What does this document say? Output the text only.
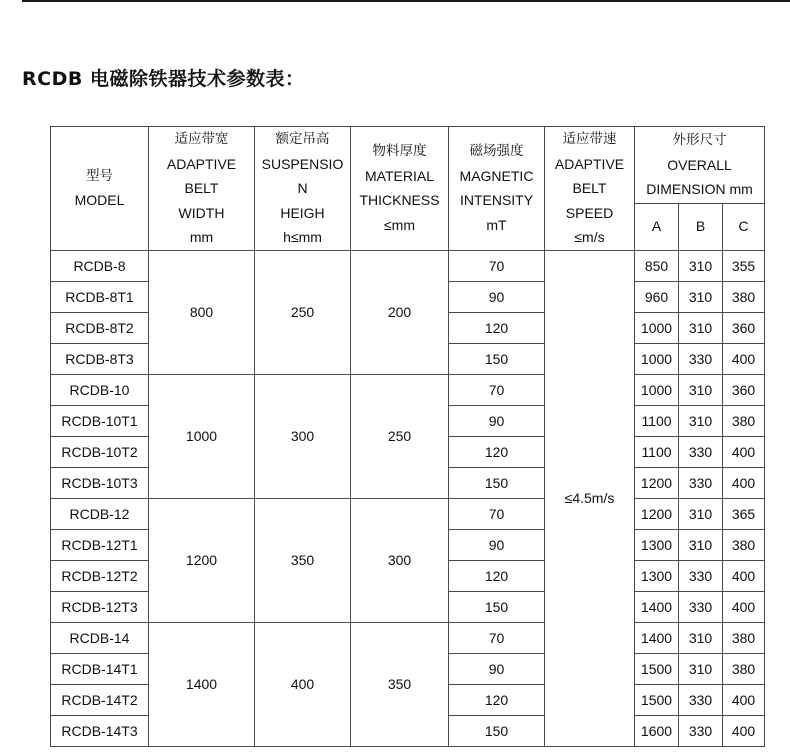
RCDB 电磁除铁器技术参数表：
型号
MODEL	适应带宽
ADAPTIVE
BELT
WIDTH
mm	额定吊高
SUSPENSIO
N
HEIGH
h≤mm	物料厚度
MATERIAL
THICKNESS
≤mm	磁场强度
MAGNETIC
INTENSITY
mT	适应带速
ADAPTIVE
BELT
SPEED
≤m/s	外形尺寸
OVERALL
DIMENSION mm		

						A	B	C
RCDB-8	800	250	200	70	≤4.5m/s	850	310	355
RCDB-8T1				90		960	310	380
RCDB-8T2				120		1000	310	360
RCDB-8T3				150		1000	330	400
RCDB-10	1000	300	250	70		1000	310	360
RCDB-10T1				90		1100	310	380
RCDB-10T2				120		1100	330	400
RCDB-10T3				150		1200	330	400
RCDB-12	1200	350	300	70		1200	310	365
RCDB-12T1				90		1300	310	380
RCDB-12T2				120		1300	330	400
RCDB-12T3				150		1400	330	400
RCDB-14	1400	400	350	70		1400	310	380
RCDB-14T1				90		1500	310	380
RCDB-14T2				120		1500	330	400
RCDB-14T3				150		1600	330	400
